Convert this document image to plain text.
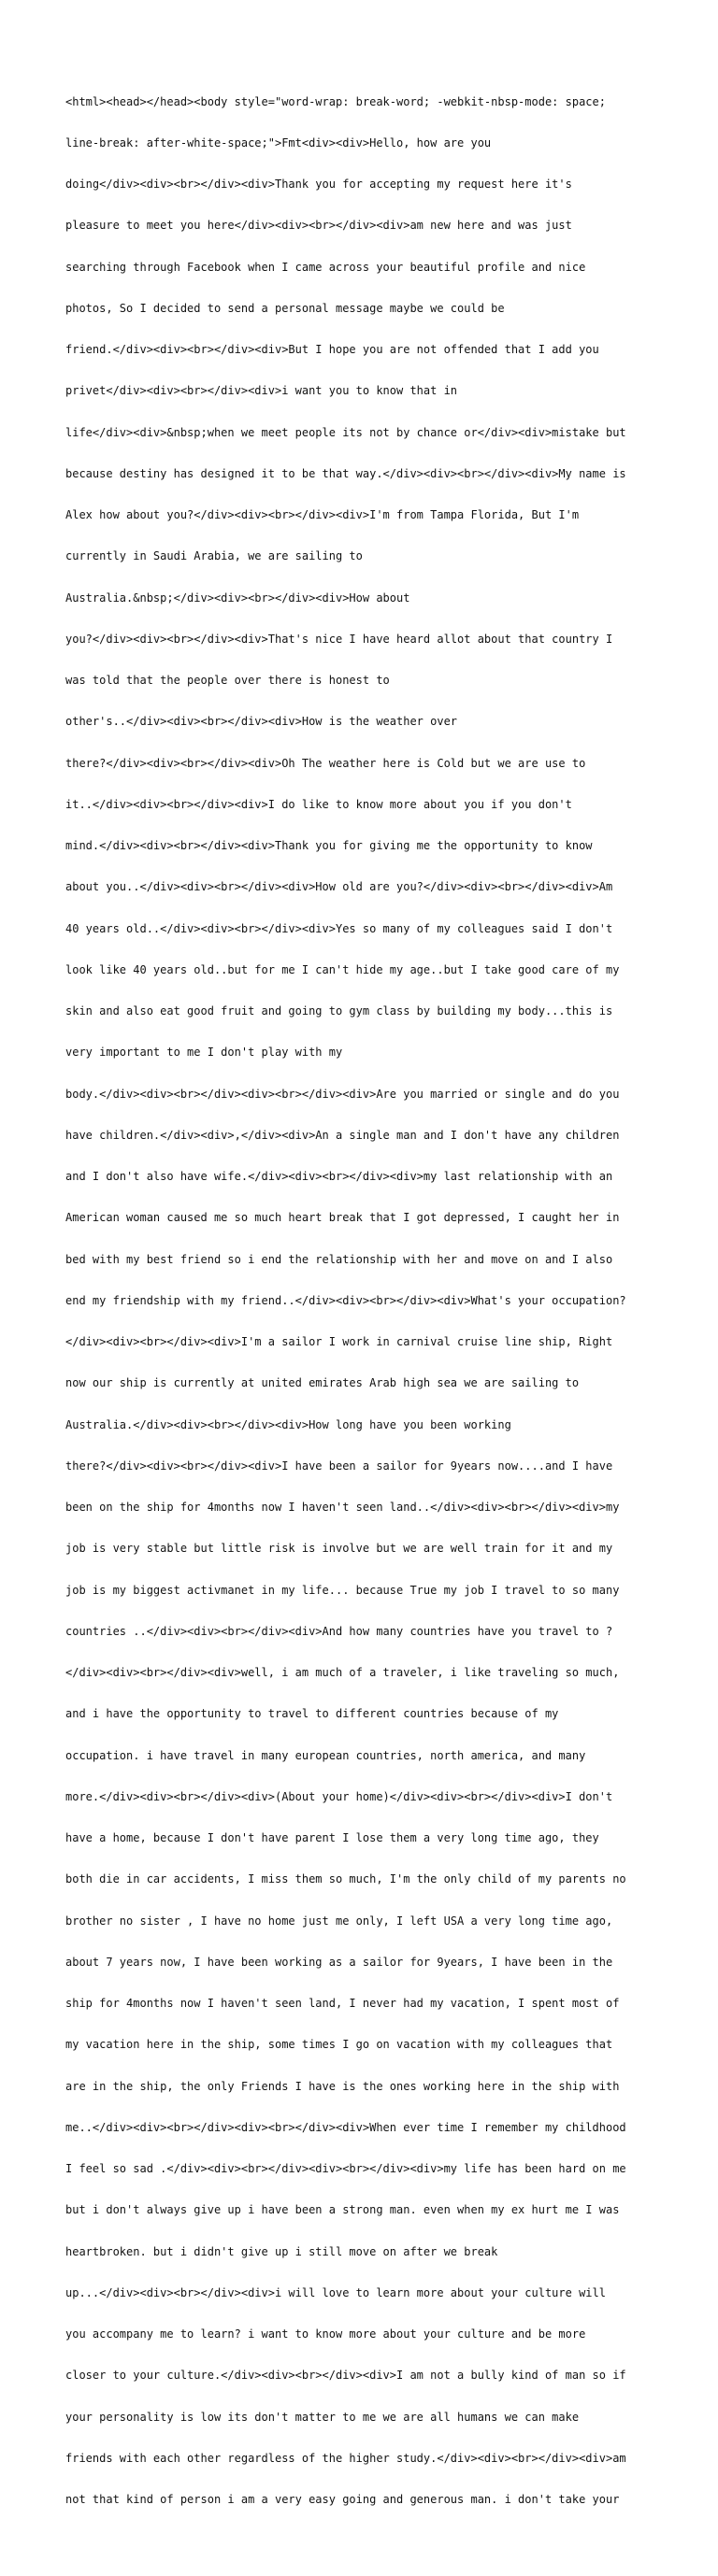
<html><head></head><body style="word-wrap: break-word; -webkit-nbsp-mode: space;

line-break: after-white-space;">Fmt<div><div>Hello, how are you

doing</div><div><br></div><div>Thank you for accepting my request here it's

pleasure to meet you here</div><div><br></div><div>am new here and was just

searching through Facebook when I came across your beautiful profile and nice

photos, So I decided to send a personal message maybe we could be

friend.</div><div><br></div><div>But I hope you are not offended that I add you

privet</div><div><br></div><div>i want you to know that in

life</div><div>&nbsp;when we meet people its not by chance or</div><div>mistake but

because destiny has designed it to be that way.</div><div><br></div><div>My name is

Alex how about you?</div><div><br></div><div>I'm from Tampa Florida, But I'm

currently in Saudi Arabia, we are sailing to

Australia.&nbsp;</div><div><br></div><div>How about

you?</div><div><br></div><div>That's nice I have heard allot about that country I

was told that the people over there is honest to

other's..</div><div><br></div><div>How is the weather over

there?</div><div><br></div><div>Oh The weather here is Cold but we are use to

it..</div><div><br></div><div>I do like to know more about you if you don't

mind.</div><div><br></div><div>Thank you for giving me the opportunity to know

about you..</div><div><br></div><div>How old are you?</div><div><br></div><div>Am

40 years old..</div><div><br></div><div>Yes so many of my colleagues said I don't

look like 40 years old..but for me I can't hide my age..but I take good care of my

skin and also eat good fruit and going to gym class by building my body...this is

very important to me I don't play with my

body.</div><div><br></div><div><br></div><div>Are you married or single and do you

have children.</div><div>,</div><div>An a single man and I don't have any children

and I don't also have wife.</div><div><br></div><div>my last relationship with an

American woman caused me so much heart break that I got depressed, I caught her in

bed with my best friend so i end the relationship with her and move on and I also

end my friendship with my friend..</div><div><br></div><div>What's your occupation?

</div><div><br></div><div>I'm a sailor I work in carnival cruise line ship, Right

now our ship is currently at united emirates Arab high sea we are sailing to

Australia.</div><div><br></div><div>How long have you been working

there?</div><div><br></div><div>I have been a sailor for 9years now....and I have

been on the ship for 4months now I haven't seen land..</div><div><br></div><div>my

job is very stable but little risk is involve but we are well train for it and my

job is my biggest activmanet in my life... because True my job I travel to so many

countries ..</div><div><br></div><div>And how many countries have you travel to ?

</div><div><br></div><div>well, i am much of a traveler, i like traveling so much,

and i have the opportunity to travel to different countries because of my

occupation. i have travel in many european countries, north america, and many

more.</div><div><br></div><div>(About your home)</div><div><br></div><div>I don't

have a home, because I don't have parent I lose them a very long time ago, they

both die in car accidents, I miss them so much, I'm the only child of my parents no

brother no sister , I have no home just me only, I left USA a very long time ago,

about 7 years now, I have been working as a sailor for 9years, I have been in the

ship for 4months now I haven't seen land, I never had my vacation, I spent most of

my vacation here in the ship, some times I go on vacation with my colleagues that

are in the ship, the only Friends I have is the ones working here in the ship with

me..</div><div><br></div><div><br></div><div>When ever time I remember my childhood

I feel so sad .</div><div><br></div><div><br></div><div>my life has been hard on me

but i don't always give up i have been a strong man. even when my ex hurt me I was

heartbroken. but i didn't give up i still move on after we break

up...</div><div><br></div><div>i will love to learn more about your culture will

you accompany me to learn? i want to know more about your culture and be more

closer to your culture.</div><div><br></div><div>I am not a bully kind of man so if

your personality is low its don't matter to me we are all humans we can make

friends with each other regardless of the higher study.</div><div><br></div><div>am

not that kind of person i am a very easy going and generous man. i don't take your
